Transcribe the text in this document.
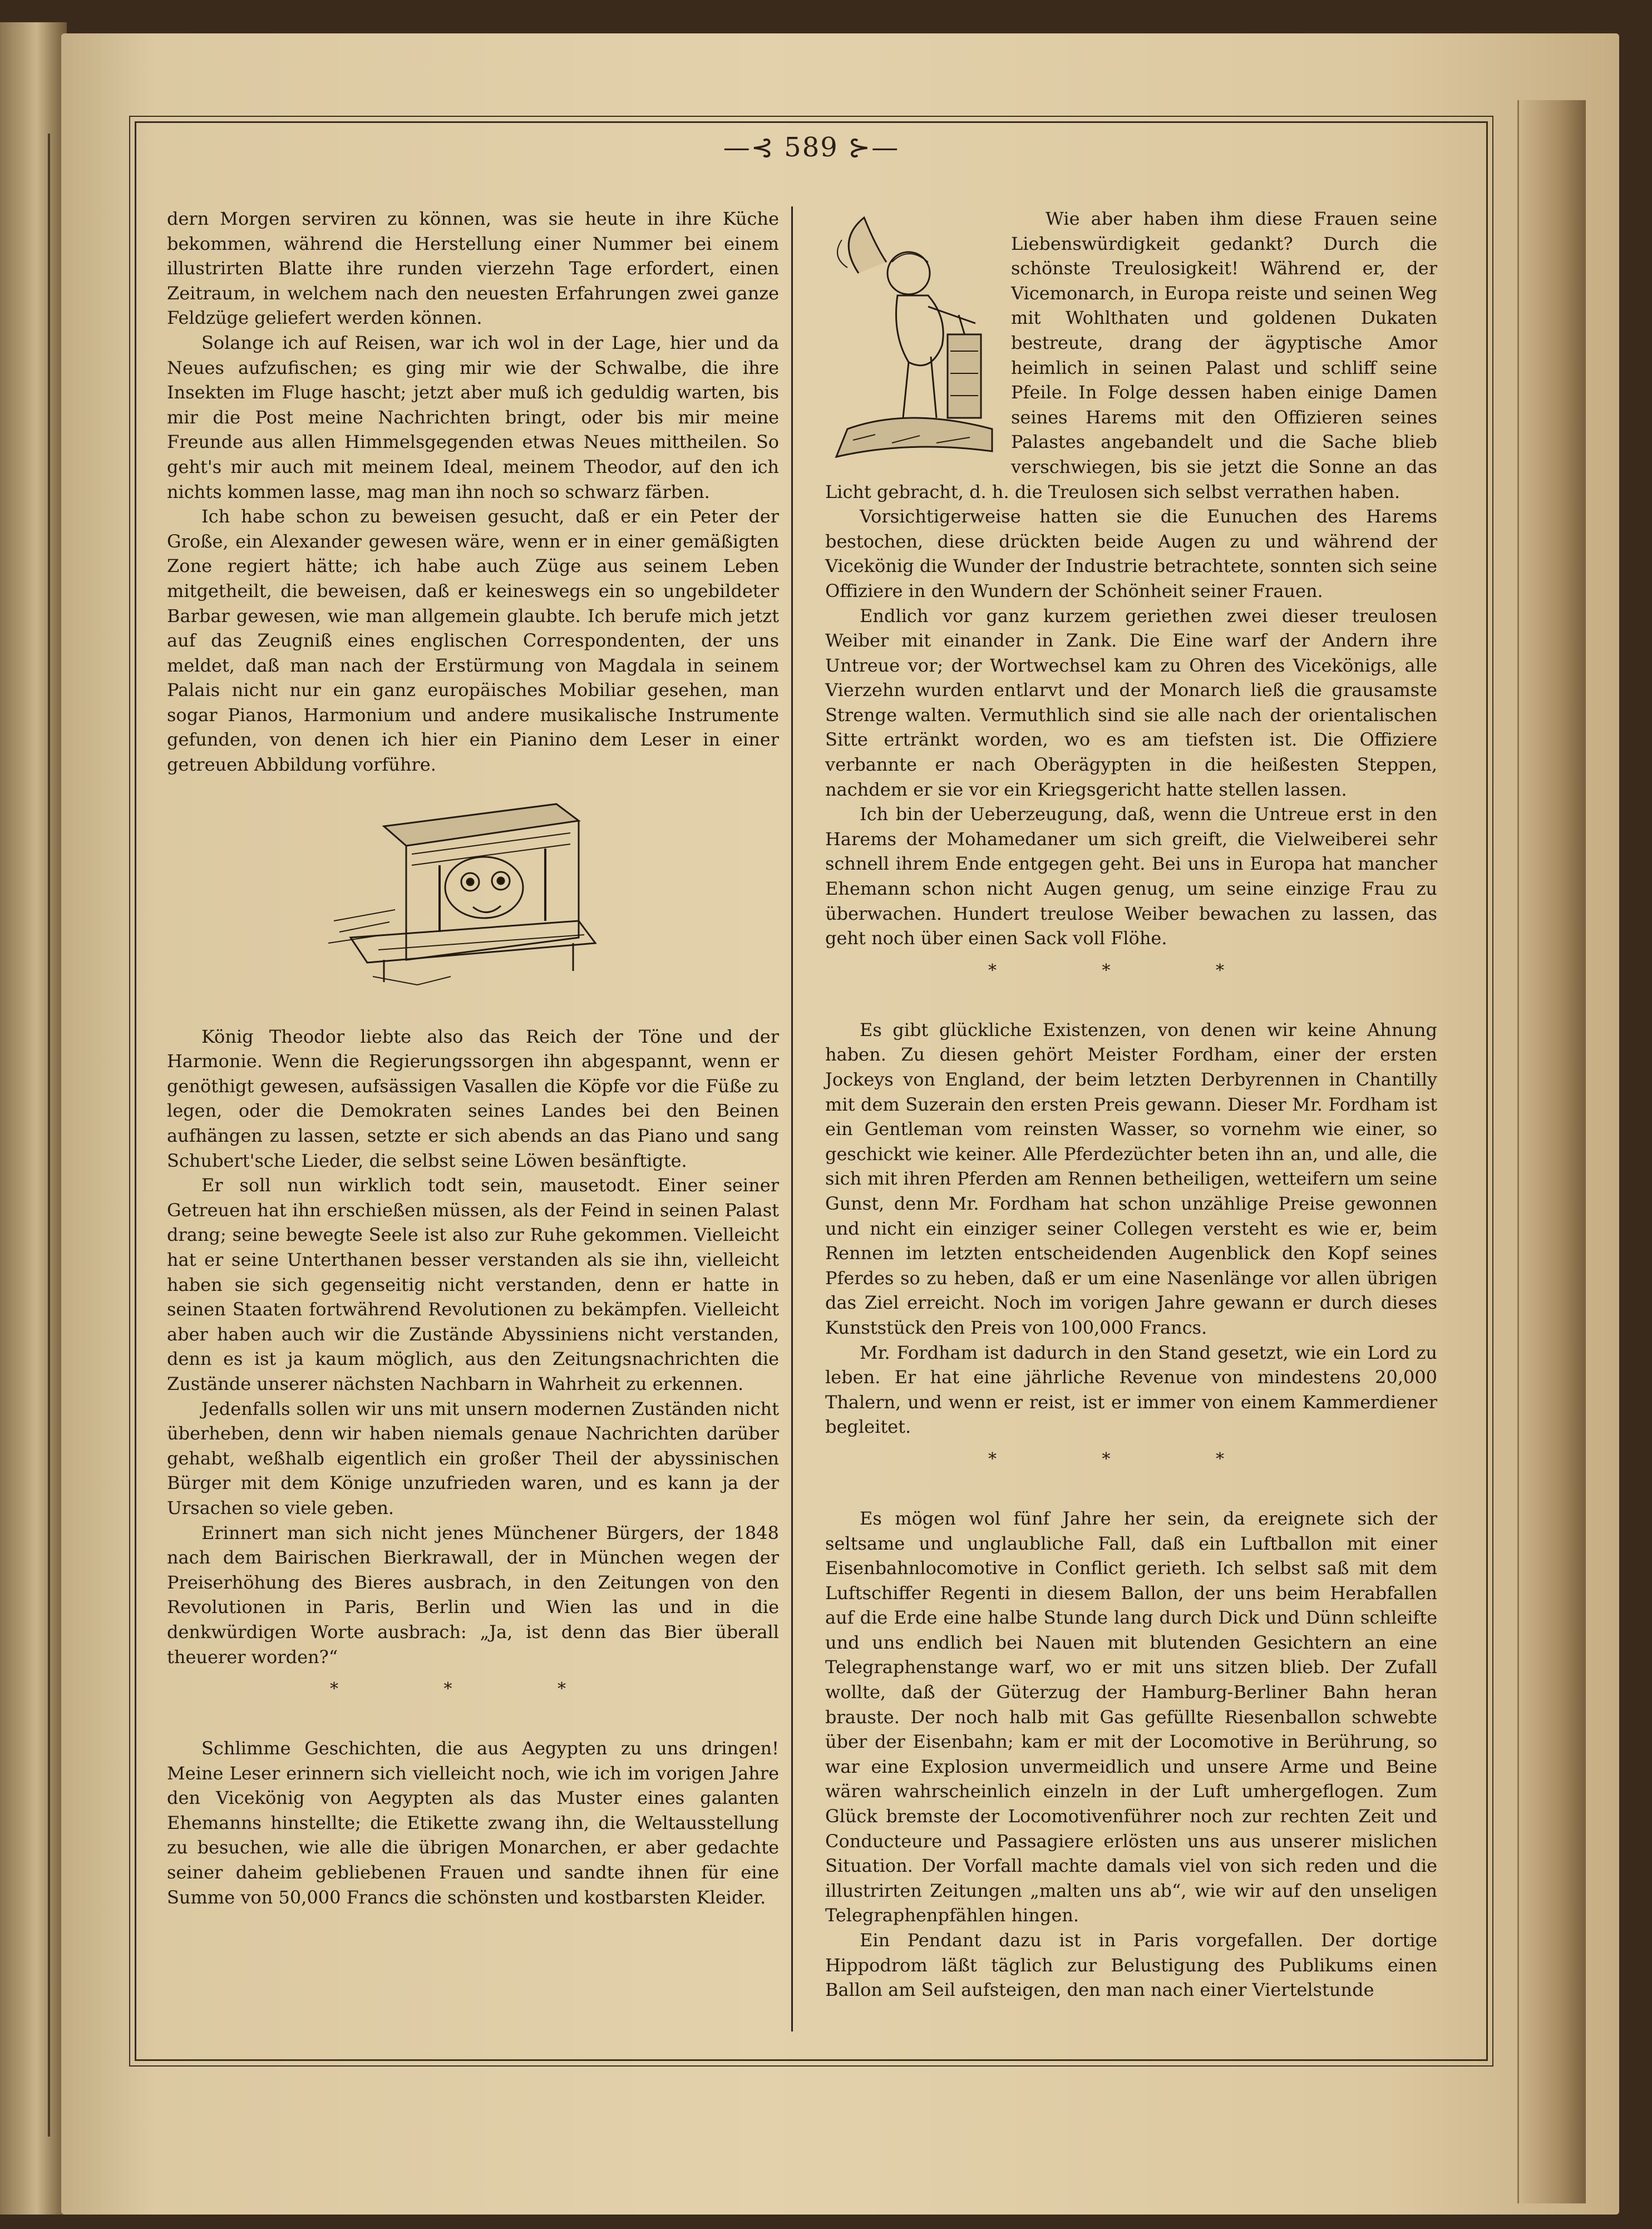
—⊰ 589 ⊱—

dern Morgen serviren zu können, was sie heute in ihre Küche bekommen, während die Herstellung einer Nummer bei einem illustrirten Blatte ihre runden vierzehn Tage erfordert, einen Zeitraum, in welchem nach den neuesten Erfahrungen zwei ganze Feldzüge geliefert werden können.

Solange ich auf Reisen, war ich wol in der Lage, hier und da Neues aufzufischen; es ging mir wie der Schwalbe, die ihre Insekten im Fluge hascht; jetzt aber muß ich geduldig warten, bis mir die Post meine Nachrichten bringt, oder bis mir meine Freunde aus allen Himmelsgegenden etwas Neues mittheilen. So geht's mir auch mit meinem Ideal, meinem Theodor, auf den ich nichts kommen lasse, mag man ihn noch so schwarz färben.

Ich habe schon zu beweisen gesucht, daß er ein Peter der Große, ein Alexander gewesen wäre, wenn er in einer gemäßigten Zone regiert hätte; ich habe auch Züge aus seinem Leben mitgetheilt, die beweisen, daß er keineswegs ein so ungebildeter Barbar gewesen, wie man allgemein glaubte. Ich berufe mich jetzt auf das Zeugniß eines englischen Correspondenten, der uns meldet, daß man nach der Erstürmung von Magdala in seinem Palais nicht nur ein ganz europäisches Mobiliar gesehen, man sogar Pianos, Harmonium und andere musikalische Instrumente gefunden, von denen ich hier ein Pianino dem Leser in einer getreuen Abbildung vorführe.

König Theodor liebte also das Reich der Töne und der Harmonie. Wenn die Regierungssorgen ihn abgespannt, wenn er genöthigt gewesen, aufsässigen Vasallen die Köpfe vor die Füße zu legen, oder die Demokraten seines Landes bei den Beinen aufhängen zu lassen, setzte er sich abends an das Piano und sang Schubert'sche Lieder, die selbst seine Löwen besänftigte.

Er soll nun wirklich todt sein, mausetodt. Einer seiner Getreuen hat ihn erschießen müssen, als der Feind in seinen Palast drang; seine bewegte Seele ist also zur Ruhe gekommen. Vielleicht hat er seine Unterthanen besser verstanden als sie ihn, vielleicht haben sie sich gegenseitig nicht verstanden, denn er hatte in seinen Staaten fortwährend Revolutionen zu bekämpfen. Vielleicht aber haben auch wir die Zustände Abyssiniens nicht verstanden, denn es ist ja kaum möglich, aus den Zeitungsnachrichten die Zustände unserer nächsten Nachbarn in Wahrheit zu erkennen.

Jedenfalls sollen wir uns mit unsern modernen Zuständen nicht überheben, denn wir haben niemals genaue Nachrichten darüber gehabt, weßhalb eigentlich ein großer Theil der abyssinischen Bürger mit dem Könige unzufrieden waren, und es kann ja der Ursachen so viele geben.

Erinnert man sich nicht jenes Münchener Bürgers, der 1848 nach dem Bairischen Bierkrawall, der in München wegen der Preiserhöhung des Bieres ausbrach, in den Zeitungen von den Revolutionen in Paris, Berlin und Wien las und in die denkwürdigen Worte ausbrach: „Ja, ist denn das Bier überall theuerer worden?“

* * *

Schlimme Geschichten, die aus Aegypten zu uns dringen! Meine Leser erinnern sich vielleicht noch, wie ich im vorigen Jahre den Vicekönig von Aegypten als das Muster eines galanten Ehemanns hinstellte; die Etikette zwang ihn, die Weltausstellung zu besuchen, wie alle die übrigen Monarchen, er aber gedachte seiner daheim gebliebenen Frauen und sandte ihnen für eine Summe von 50,000 Francs die schönsten und kostbarsten Kleider.

Wie aber haben ihm diese Frauen seine Liebenswürdigkeit gedankt? Durch die schönste Treulosigkeit! Während er, der Vicemonarch, in Europa reiste und seinen Weg mit Wohlthaten und goldenen Dukaten bestreute, drang der ägyptische Amor heimlich in seinen Palast und schliff seine Pfeile. In Folge dessen haben einige Damen seines Harems mit den Offizieren seines Palastes angebandelt und die Sache blieb verschwiegen, bis sie jetzt die Sonne an das Licht gebracht, d. h. die Treulosen sich selbst verrathen haben.

Vorsichtigerweise hatten sie die Eunuchen des Harems bestochen, diese drückten beide Augen zu und während der Vicekönig die Wunder der Industrie betrachtete, sonnten sich seine Offiziere in den Wundern der Schönheit seiner Frauen.

Endlich vor ganz kurzem geriethen zwei dieser treulosen Weiber mit einander in Zank. Die Eine warf der Andern ihre Untreue vor; der Wortwechsel kam zu Ohren des Vicekönigs, alle Vierzehn wurden entlarvt und der Monarch ließ die grausamste Strenge walten. Vermuthlich sind sie alle nach der orientalischen Sitte ertränkt worden, wo es am tiefsten ist. Die Offiziere verbannte er nach Oberägypten in die heißesten Steppen, nachdem er sie vor ein Kriegsgericht hatte stellen lassen.

Ich bin der Ueberzeugung, daß, wenn die Untreue erst in den Harems der Mohamedaner um sich greift, die Vielweiberei sehr schnell ihrem Ende entgegen geht. Bei uns in Europa hat mancher Ehemann schon nicht Augen genug, um seine einzige Frau zu überwachen. Hundert treulose Weiber bewachen zu lassen, das geht noch über einen Sack voll Flöhe.

* * *

Es gibt glückliche Existenzen, von denen wir keine Ahnung haben. Zu diesen gehört Meister Fordham, einer der ersten Jockeys von England, der beim letzten Derbyrennen in Chantilly mit dem Suzerain den ersten Preis gewann. Dieser Mr. Fordham ist ein Gentleman vom reinsten Wasser, so vornehm wie einer, so geschickt wie keiner. Alle Pferdezüchter beten ihn an, und alle, die sich mit ihren Pferden am Rennen betheiligen, wetteifern um seine Gunst, denn Mr. Fordham hat schon unzählige Preise gewonnen und nicht ein einziger seiner Collegen versteht es wie er, beim Rennen im letzten entscheidenden Augenblick den Kopf seines Pferdes so zu heben, daß er um eine Nasenlänge vor allen übrigen das Ziel erreicht. Noch im vorigen Jahre gewann er durch dieses Kunststück den Preis von 100,000 Francs.

Mr. Fordham ist dadurch in den Stand gesetzt, wie ein Lord zu leben. Er hat eine jährliche Revenue von mindestens 20,000 Thalern, und wenn er reist, ist er immer von einem Kammerdiener begleitet.

* * *

Es mögen wol fünf Jahre her sein, da ereignete sich der seltsame und unglaubliche Fall, daß ein Luftballon mit einer Eisenbahnlocomotive in Conflict gerieth. Ich selbst saß mit dem Luftschiffer Regenti in diesem Ballon, der uns beim Herabfallen auf die Erde eine halbe Stunde lang durch Dick und Dünn schleifte und uns endlich bei Nauen mit blutenden Gesichtern an eine Telegraphenstange warf, wo er mit uns sitzen blieb. Der Zufall wollte, daß der Güterzug der Hamburg-Berliner Bahn heran brauste. Der noch halb mit Gas gefüllte Riesenballon schwebte über der Eisenbahn; kam er mit der Locomotive in Berührung, so war eine Explosion unvermeidlich und unsere Arme und Beine wären wahrscheinlich einzeln in der Luft umhergeflogen. Zum Glück bremste der Locomotivenführer noch zur rechten Zeit und Conducteure und Passagiere erlösten uns aus unserer mislichen Situation. Der Vorfall machte damals viel von sich reden und die illustrirten Zeitungen „malten uns ab“, wie wir auf den unseligen Telegraphenpfählen hingen.

Ein Pendant dazu ist in Paris vorgefallen. Der dortige Hippodrom läßt täglich zur Belustigung des Publikums einen Ballon am Seil aufsteigen, den man nach einer Viertelstunde
